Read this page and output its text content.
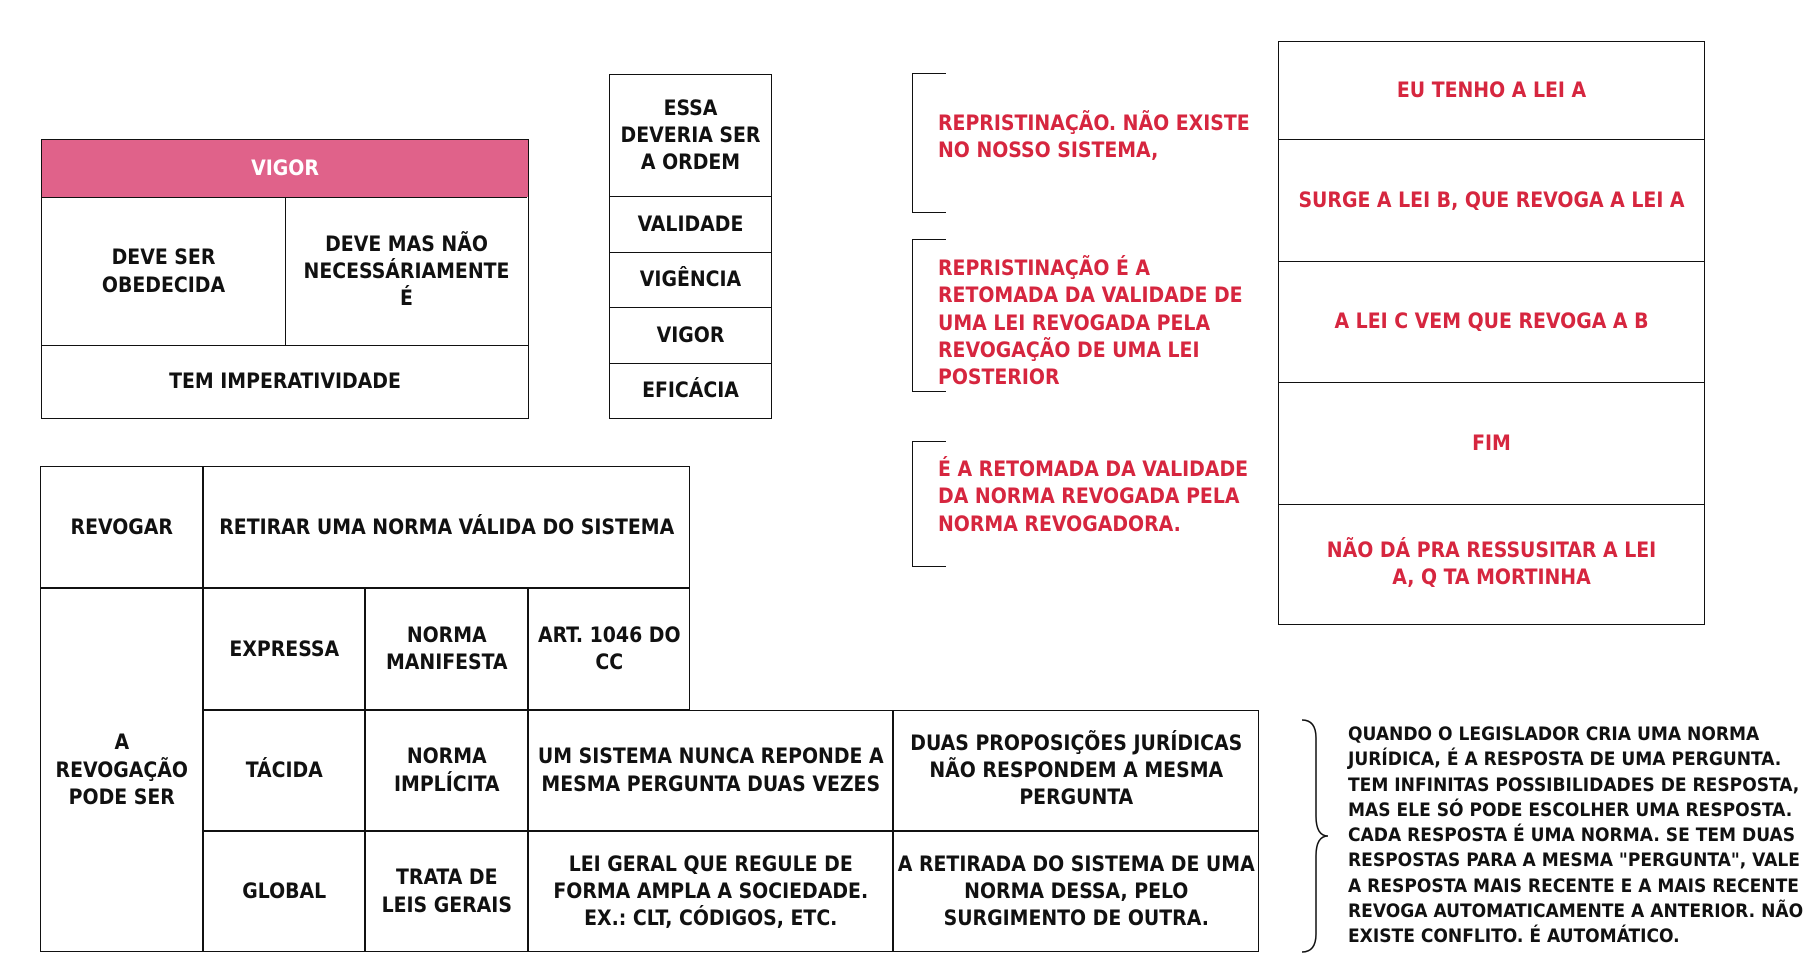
VIGOR
DEVE SER OBEDECIDA
DEVE MAS NÃO NECESSÁRIAMENTE É
TEM IMPERATIVIDADE
ESSA DEVERIA SER A ORDEM
VALIDADE
VIGÊNCIA
VIGOR
EFICÁCIA
REPRISTINAÇÃO. NÃO EXISTE NO NOSSO SISTEMA,
REPRISTINAÇÃO É A RETOMADA DA VALIDADE DE UMA LEI REVOGADA PELA REVOGAÇÃO DE UMA LEI POSTERIOR
É A RETOMADA DA VALIDADE DA NORMA REVOGADA PELA NORMA REVOGADORA.
EU TENHO A LEI A
SURGE A LEI B, QUE REVOGA A LEI A
A LEI C VEM QUE REVOGA A B
FIM
NÃO DÁ PRA RESSUSITAR A LEI A, Q TA MORTINHA
REVOGAR	RETIRAR UMA NORMA VÁLIDA DO SISTEMA
A REVOGAÇÃO PODE SER
EXPRESSA
NORMA MANIFESTA
ART. 1046 DO CC
TÁCIDA
NORMA IMPLÍCITA
UM SISTEMA NUNCA REPONDE A MESMA PERGUNTA DUAS VEZES
DUAS PROPOSIÇÕES JURÍDICAS NÃO RESPONDEM A MESMA PERGUNTA
GLOBAL
TRATA DE LEIS GERAIS
LEI GERAL QUE REGULE DE FORMA AMPLA A SOCIEDADE. EX.: CLT, CÓDIGOS, ETC.
A RETIRADA DO SISTEMA DE UMA NORMA DESSA, PELO SURGIMENTO DE OUTRA.
QUANDO O LEGISLADOR CRIA UMA NORMA JURÍDICA, É A RESPOSTA DE UMA PERGUNTA. TEM INFINITAS POSSIBILIDADES DE RESPOSTA, MAS ELE SÓ PODE ESCOLHER UMA RESPOSTA. CADA RESPOSTA É UMA NORMA. SE TEM DUAS RESPOSTAS PARA A MESMA "PERGUNTA", VALE A RESPOSTA MAIS RECENTE E A MAIS RECENTE REVOGA AUTOMATICAMENTE A ANTERIOR. NÃO EXISTE CONFLITO. É AUTOMÁTICO.
